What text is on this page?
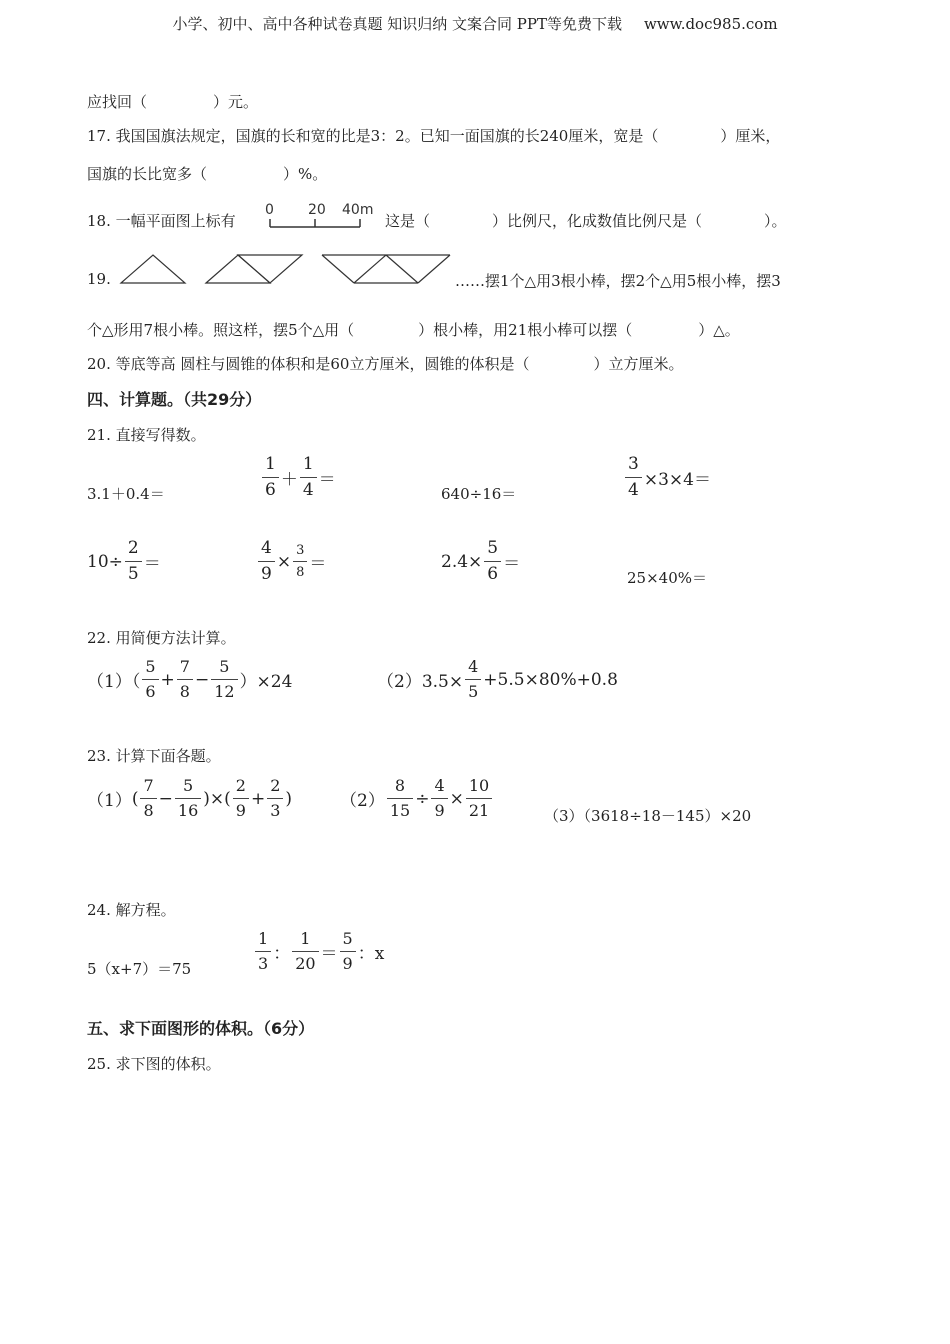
小学、初中、高中各种试卷真题 知识归纳 文案合同 PPT等免费下载 www.doc985.com
应找回（	）元。
17. 我国国旗法规定，国旗的长和宽的比是3：2。已知一面国旗的长240厘米，宽是（	）厘米，
国旗的长比宽多（	）%。
18. 一幅平面图上标有
0 20 40m
这是（	）比例尺，化成数值比例尺是（	）。
19.	……摆1个△用3根小棒，摆2个△用5根小棒，摆3
个△形用7根小棒。照这样，摆5个△用（	）根小棒，用21根小棒可以摆（	）△。
20. 等底等高 圆柱与圆锥的体积和是60立方厘米，圆锥的体积是（	）立方厘米。
四、计算题。（共29分）
21. 直接写得数。
3.1＋0.4＝	$\frac{1}{6} + \frac{1}{4}$ ＝
640÷16＝	$\frac{3}{4} \times 3\times 4=$
$10\div \frac{2}{5}$ ＝	$\frac{4}{9} \times \frac{3}{8}$ ＝	$2.4\times \frac{5}{6}$ ＝
25×40%＝
22. 用简便方法计算。
$(1)( \frac{5}{6} + \frac{7}{8} - \frac{5}{12} )\times 24$	$(2)3.5\times \frac{4}{5} +5.5\times 80\%+0.8$
23. 计算下面各题。
（1） ( $\frac{7}{8} - \frac{5}{16}$ )×( $\frac{2}{9} + \frac{2}{3}$ )	$(2) \frac{8}{15} \div \frac{4}{9} \times \frac{10}{21}$	（3）（3618÷18－145）×20
24. 解方程。
5（x+7）＝75	$\frac{1}{3}$ ： $\frac{1}{20} = \frac{5}{9}$ ：x
五、求下面图形的体积。（6分）
25. 求下图的体积。
